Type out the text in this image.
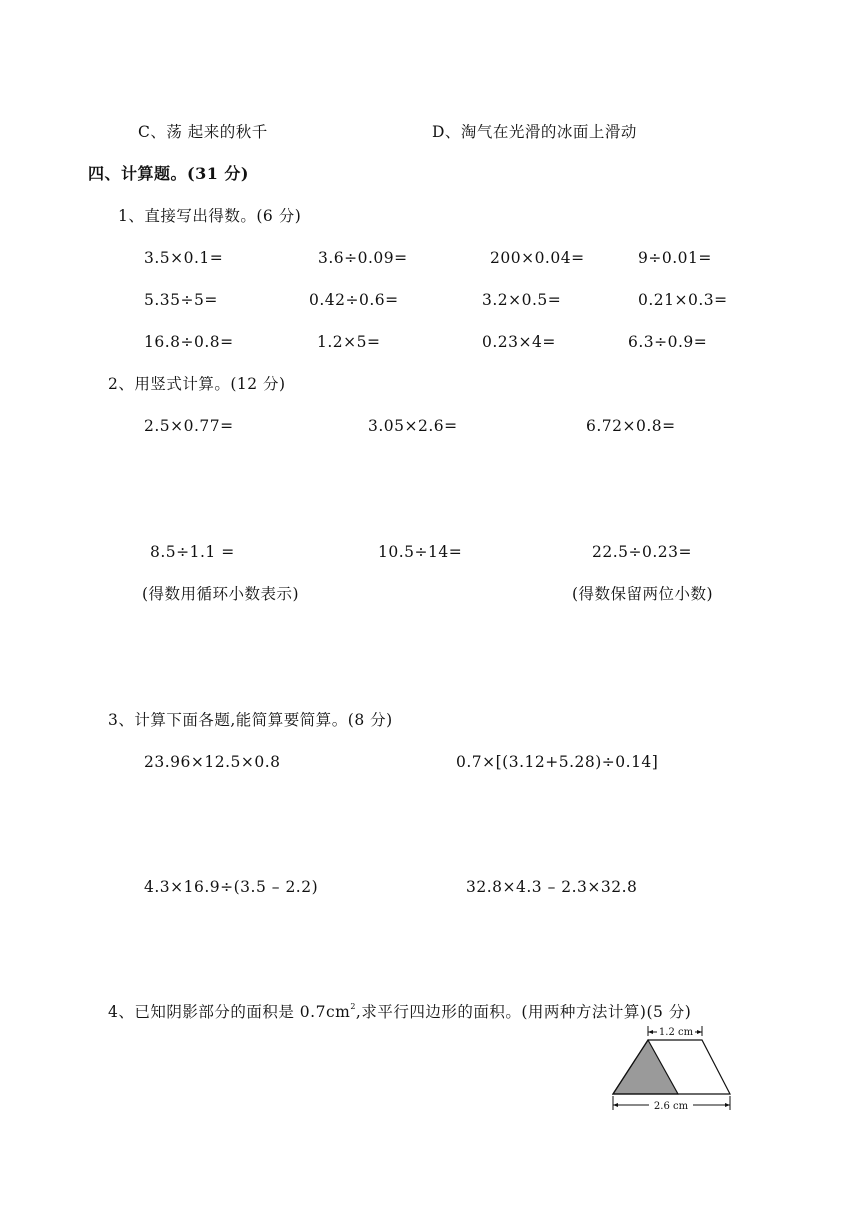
C、荡 起来的秋千	D、淘气在光滑的冰面上滑动
四、计算题。(31 分)
1、直接写出得数。(6 分)
3.5×0.1=	3.6÷0.09=	200×0.04=	9÷0.01=
5.35÷5=	0.42÷0.6=	3.2×0.5=	0.21×0.3=
16.8÷0.8=	1.2×5=	0.23×4=	6.3÷0.9=
2、用竖式计算。(12 分)
2.5×0.77=	3.05×2.6=	6.72×0.8=
8.5÷1.1 =	10.5÷14=	22.5÷0.23=
(得数用循环小数表示)	(得数保留两位小数)
3、计算下面各题,能简算要简算。(8 分)
23.96×12.5×0.8	0.7×[(3.12+5.28)÷0.14]
4.3×16.9÷(3.5 – 2.2)	32.8×4.3 – 2.3×32.8
4、已知阴影部分的面积是 $0.7cm^2$,求平行四边形的面积。(用两种方法计算)(5 分)
1.2 cm
2.6 cm
